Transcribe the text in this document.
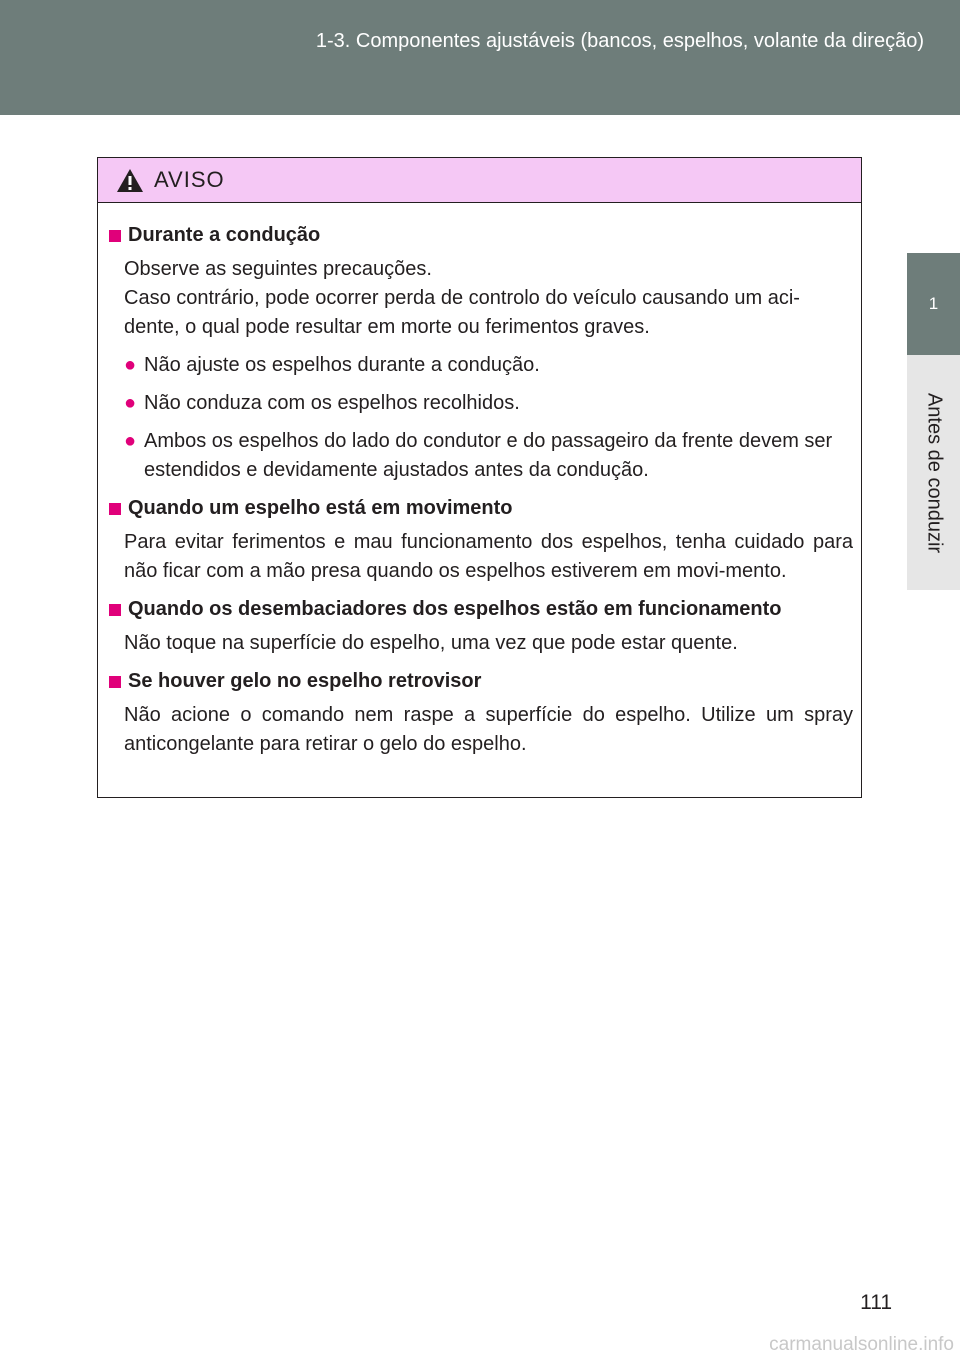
1-3. Componentes ajustáveis (bancos, espelhos, volante da direção)
1
Antes de conduzir
AVISO
Durante a condução
Observe as seguintes precauções.
Caso contrário, pode ocorrer perda de controlo do veículo causando um aci-dente, o qual pode resultar em morte ou ferimentos graves.
● Não ajuste os espelhos durante a condução.
● Não conduza com os espelhos recolhidos.
● Ambos os espelhos do lado do condutor e do passageiro da frente devem ser estendidos e devidamente ajustados antes da condução.
Quando um espelho está em movimento
Para evitar ferimentos e mau funcionamento dos espelhos, tenha cuidado para não ficar com a mão presa quando os espelhos estiverem em movi-mento.
Quando os desembaciadores dos espelhos estão em funcionamento
Não toque na superfície do espelho, uma vez que pode estar quente.
Se houver gelo no espelho retrovisor
Não acione o comando nem raspe a superfície do espelho. Utilize um spray anticongelante para retirar o gelo do espelho.
111
carmanualsonline.info
